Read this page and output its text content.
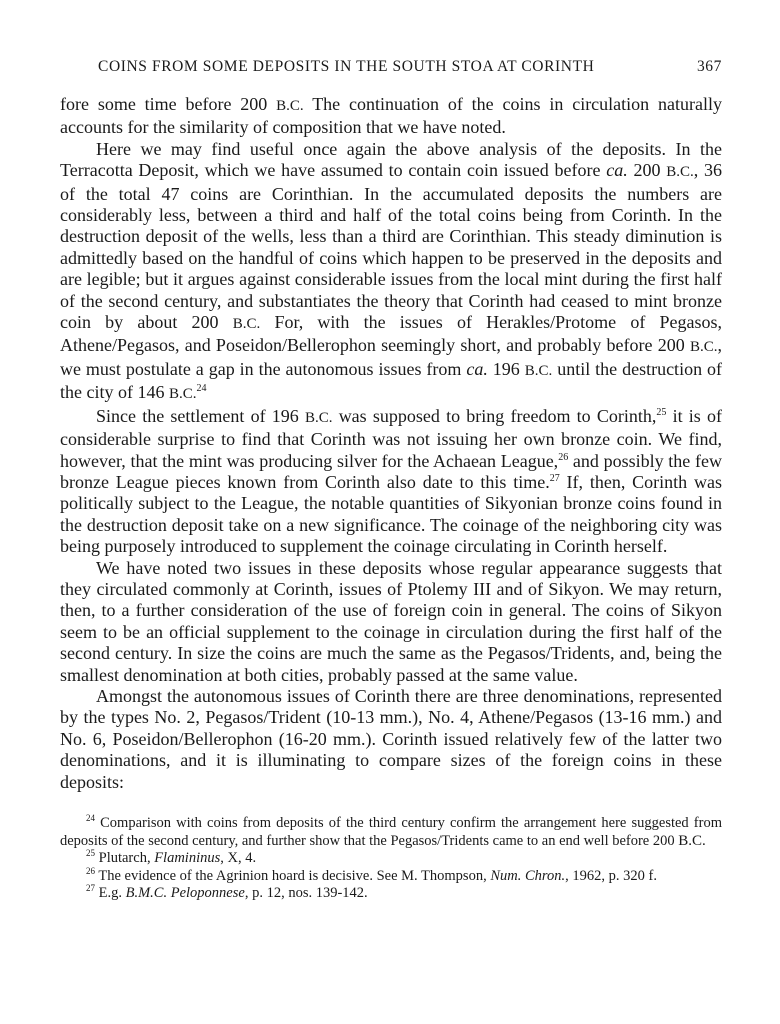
COINS FROM SOME DEPOSITS IN THE SOUTH STOA AT CORINTH	367

fore some time before 200 B.C. The continuation of the coins in circulation naturally accounts for the similarity of composition that we have noted.

Here we may find useful once again the above analysis of the deposits. In the Terracotta Deposit, which we have assumed to contain coin issued before ca. 200 B.C., 36 of the total 47 coins are Corinthian. In the accumulated deposits the numbers are considerably less, between a third and half of the total coins being from Corinth. In the destruction deposit of the wells, less than a third are Corinthian. This steady diminution is admittedly based on the handful of coins which happen to be preserved in the deposits and are legible; but it argues against considerable issues from the local mint during the first half of the second century, and substantiates the theory that Corinth had ceased to mint bronze coin by about 200 B.C. For, with the issues of Herakles/Protome of Pegasos, Athene/Pegasos, and Poseidon/Bellerophon seemingly short, and probably before 200 B.C., we must postulate a gap in the autonomous issues from ca. 196 B.C. until the destruction of the city of 146 B.C.$^{24}$

Since the settlement of 196 B.C. was supposed to bring freedom to Corinth,$^{25}$ it is of considerable surprise to find that Corinth was not issuing her own bronze coin. We find, however, that the mint was producing silver for the Achaean League,$^{26}$ and possibly the few bronze League pieces known from Corinth also date to this time.$^{27}$ If, then, Corinth was politically subject to the League, the notable quantities of Sikyonian bronze coins found in the destruction deposit take on a new significance. The coinage of the neighboring city was being purposely introduced to supplement the coinage circulating in Corinth herself.

We have noted two issues in these deposits whose regular appearance suggests that they circulated commonly at Corinth, issues of Ptolemy III and of Sikyon. We may return, then, to a further consideration of the use of foreign coin in general. The coins of Sikyon seem to be an official supplement to the coinage in circulation during the first half of the second century. In size the coins are much the same as the Pegasos/Tridents, and, being the smallest denomination at both cities, probably passed at the same value.

Amongst the autonomous issues of Corinth there are three denominations, represented by the types No. 2, Pegasos/Trident (10-13 mm.), No. 4, Athene/Pegasos (13-16 mm.) and No. 6, Poseidon/Bellerophon (16-20 mm.). Corinth issued relatively few of the latter two denominations, and it is illuminating to compare sizes of the foreign coins in these deposits:

$^{24}$ Comparison with coins from deposits of the third century confirm the arrangement here suggested from deposits of the second century, and further show that the Pegasos/Tridents came to an end well before 200 B.C.

$^{25}$ Plutarch, Flamininus, X, 4.

$^{26}$ The evidence of the Agrinion hoard is decisive. See M. Thompson, Num. Chron., 1962, p. 320 f.

$^{27}$ E.g. B.M.C. Peloponnese, p. 12, nos. 139-142.
